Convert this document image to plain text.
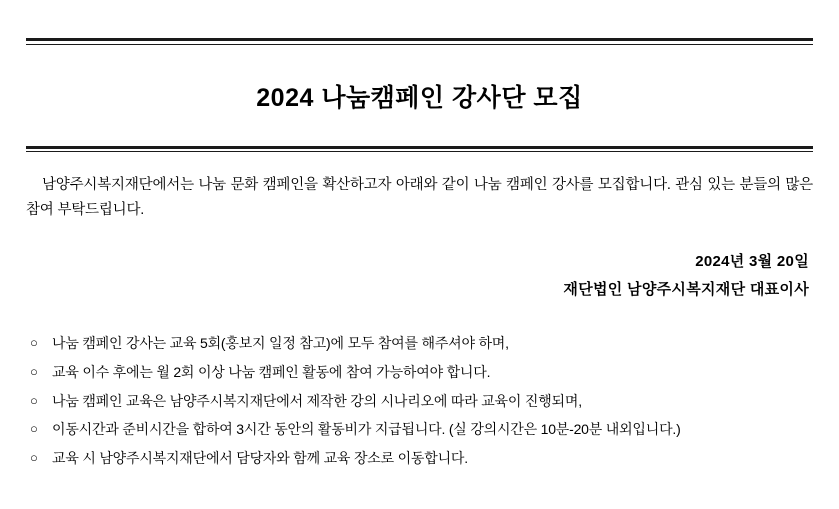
2024 나눔캠페인 강사단 모집

남양주시복지재단에서는 나눔 문화 캠페인을 확산하고자 아래와 같이 나눔 캠페인 강사를 모집합니다. 관심 있는 분들의 많은 참여 부탁드립니다.

2024년 3월 20일
재단법인 남양주시복지재단 대표이사
○	나눔 캠페인 강사는 교육 5회(홍보지 일정 참고)에 모두 참여를 해주셔야 하며,
○	교육 이수 후에는 월 2회 이상 나눔 캠페인 활동에 참여 가능하여야 합니다.
○	나눔 캠페인 교육은 남양주시복지재단에서 제작한 강의 시나리오에 따라 교육이 진행되며,
○	이동시간과 준비시간을 합하여 3시간 동안의 활동비가 지급됩니다. (실 강의시간은 10분-20분 내외입니다.)
○	교육 시 남양주시복지재단에서 담당자와 함께 교육 장소로 이동합니다.
